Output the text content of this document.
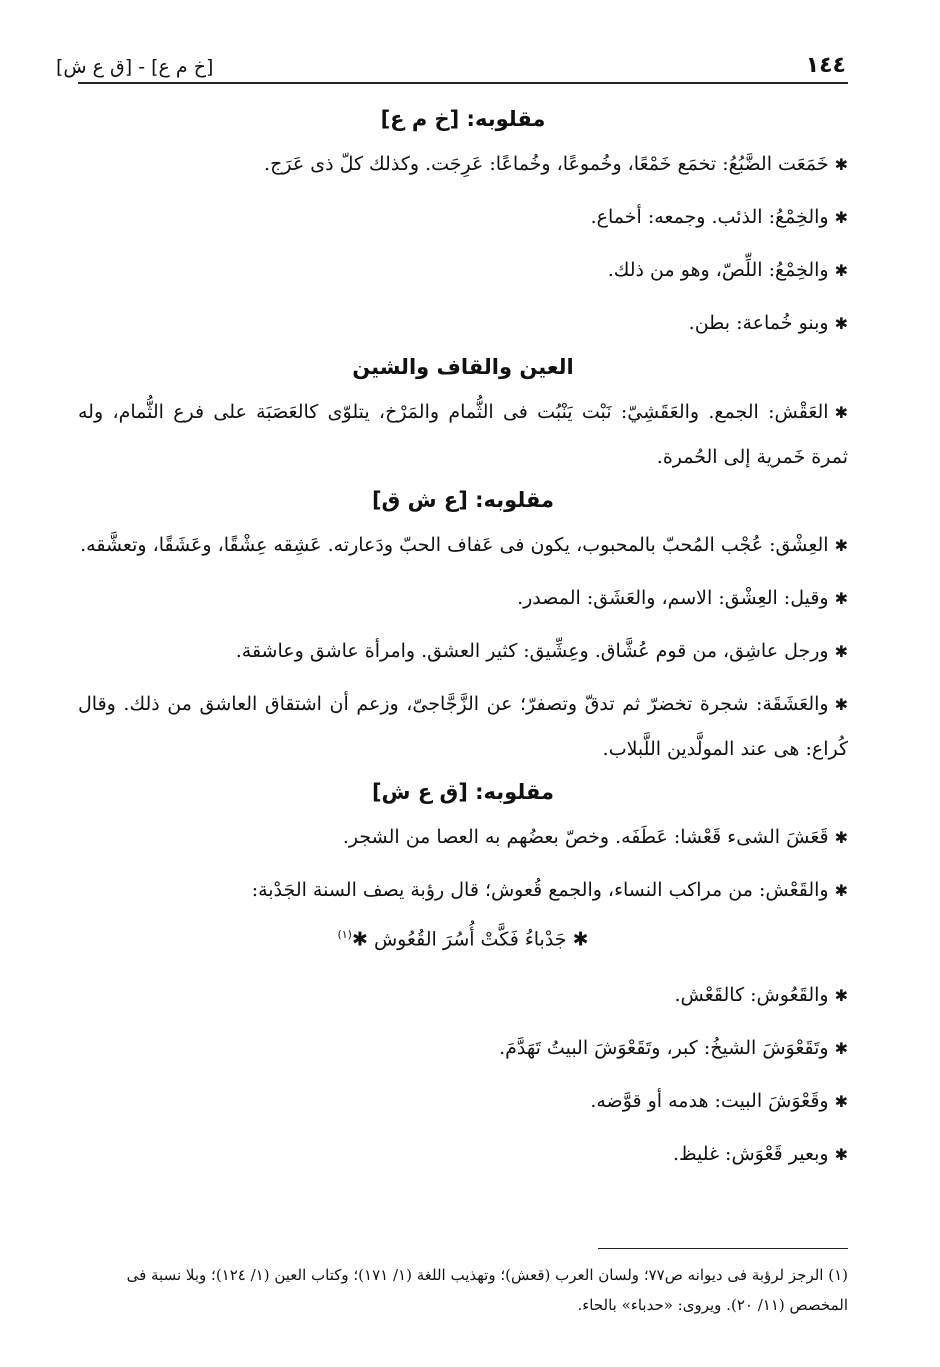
١٤٤
[خ م ع] - [ق ع ش]
مقلوبه: [خ م ع]

✱خَمَعَت الضَّبُعُ: تخمَع خَمْعًا، وخُموعًا، وخُماعًا: عَرِجَت. وكذلك كلّ ذى عَرَج.

✱والخِمْعُ: الذئب. وجمعه: أخماع.

✱والخِمْعُ: اللِّصّ، وهو من ذلك.

✱وبنو خُماعة: بطن.

العين والقاف والشين

✱العَقْش: الجمع. والعَقَشِيّ: نَبْت يَنْبُت فى الثُّمام والمَرْخ، يتلوّى كالعَصَبَة على فرع الثُّمام، وله ثمرة خَمرية إلى الحُمرة.

مقلوبه: [ع ش ق]

✱العِشْق: عُجْب المُحبّ بالمحبوب، يكون فى عَفاف الحبّ ودَعارته. عَشِقه عِشْقًا، وعَشَقًا، وتعشَّقه.

✱وقيل: العِشْق: الاسم، والعَشَق: المصدر.

✱ورجل عاشِق، من قوم عُشَّاق. وعِشِّيق: كثير العشق. وامرأة عاشق وعاشقة.

✱والعَشَقَة: شجرة تخضرّ ثم تدقّ وتصفرّ؛ عن الزَّجَّاجىّ، وزعم أن اشتقاق العاشق من ذلك. وقال كُراع: هى عند المولَّدين اللَّبلاب.

مقلوبه: [ق ع ش]

✱قَعَشَ الشىء قَعْشا: عَطَفَه. وخصّ بعضُهم به العصا من الشجر.

✱والقَعْش: من مراكب النساء، والجمع قُعوش؛ قال رؤبة يصف السنة الجَدْبة:

✱ جَدْباءُ فَكَّتْ أُسُرَ القُعُوش ✱$^{(١)}$

✱والقَعُوش: كالقَعْش.

✱وتَقَعْوَشَ الشيخُ: كبر، وتَقَعْوَشَ البيتُ تَهَدَّمَ.

✱وقَعْوَشَ البيت: هدمه أو قوَّضه.

✱وبعير قَعْوَش: غليظ.

(١) الرجز لرؤبة فى ديوانه ص٧٧؛ ولسان العرب (قعش)؛ وتهذيب اللغة (١/ ١٧١)؛ وكتاب العين (١/ ١٢٤)؛ وبلا نسبة فى المخصص (١١/ ٢٠). ويروى: «حدباء» بالحاء.
